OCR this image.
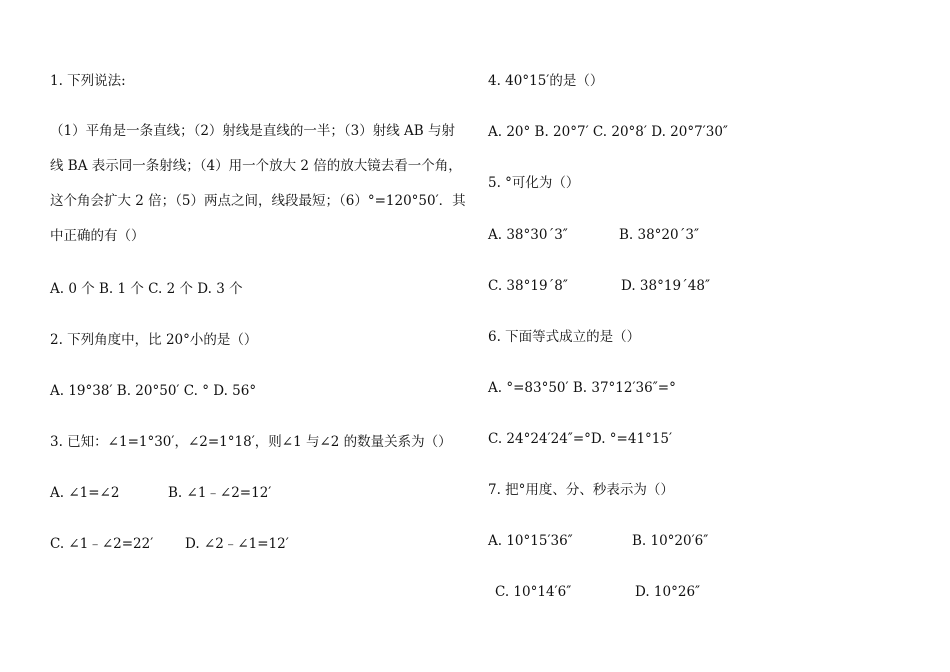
1. 下列说法:
（1）平角是一条直线；（2）射线是直线的一半；（3）射线 AB 与射
线 BA 表示同一条射线；（4）用一个放大 2 倍的放大镜去看一个角，
这个角会扩大 2 倍；（5）两点之间，线段最短；（6）°=120°50′．其
中正确的有（）
A. 0 个 B. 1 个 C. 2 个 D. 3 个
2. 下列角度中，比 20°小的是（）
A. 19°38′ B. 20°50′ C. ° D. 56°
3. 已知：∠1=1°30′，∠2=1°18′，则∠1 与∠2 的数量关系为（）
A. ∠1=∠2	B. ∠1﹣∠2=12′
C. ∠1﹣∠2=22′ D. ∠2﹣∠1=12′
4. 40°15′的是（）
A. 20° B. 20°7′ C. 20°8′ D. 20°7′30″
5. °可化为（）
A. 38°30´3″	B. 38°20´3″
C. 38°19´8″	D. 38°19´48″
6. 下面等式成立的是（）
A. °=83°50′ B. 37°12′36″=°
C. 24°24′24″=°D. °=41°15′
7. 把°用度、分、秒表示为（）
A. 10°15′36″	B. 10°20′6″
C. 10°14′6″	D. 10°26″
